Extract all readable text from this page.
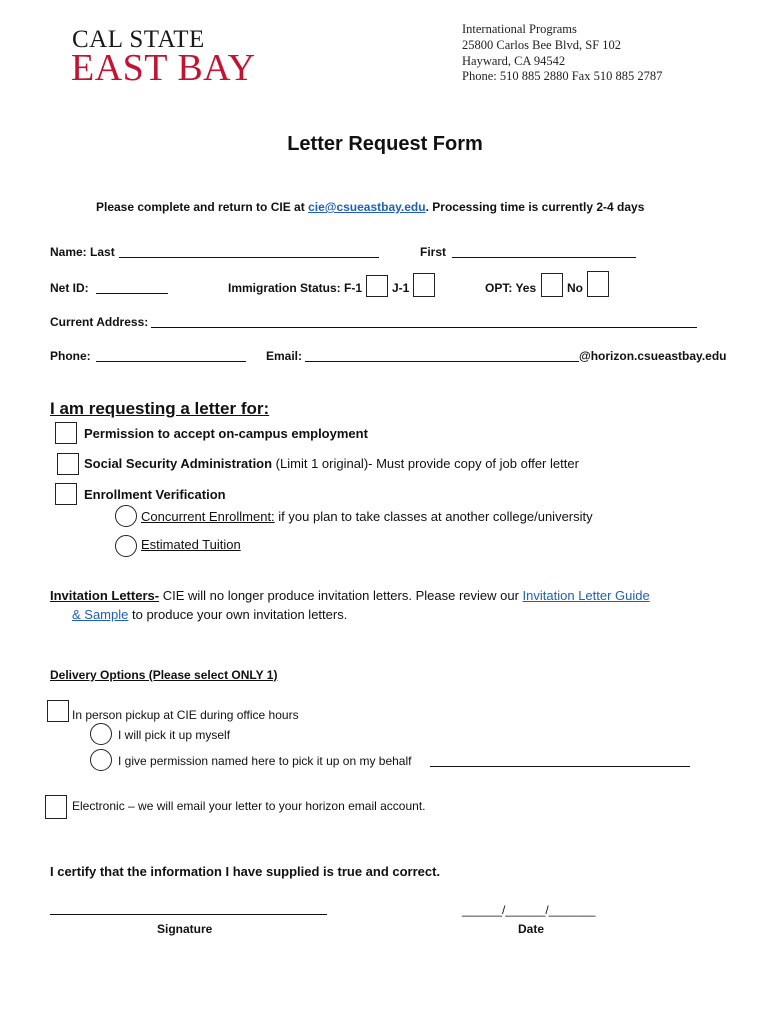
CAL STATE
EAST BAY
International Programs
25800 Carlos Bee Blvd, SF 102
Hayward, CA 94542
Phone: 510 885 2880 Fax 510 885 2787
Letter Request Form
Please complete and return to CIE at cie@csueastbay.edu. Processing time is currently 2-4 days
Name: Last	First
Net ID:	Immigration Status: F-1 J-1	OPT: Yes	No
Current Address:
Phone:	Email:	@horizon.csueastbay.edu
I am requesting a letter for:
Permission to accept on-campus employment
Social Security Administration (Limit 1 original)- Must provide copy of job offer letter
Enrollment Verification
Concurrent Enrollment: if you plan to take classes at another college/university
Estimated Tuition
Invitation Letters- CIE will no longer produce invitation letters. Please review our Invitation Letter Guide
& Sample to produce your own invitation letters.
Delivery Options (Please select ONLY 1)
In person pickup at CIE during office hours
I will pick it up myself
I give permission named here to pick it up on my behalf
Electronic – we will email your letter to your horizon email account.
I certify that the information I have supplied is true and correct.
Signature
______/______/_______
Date
